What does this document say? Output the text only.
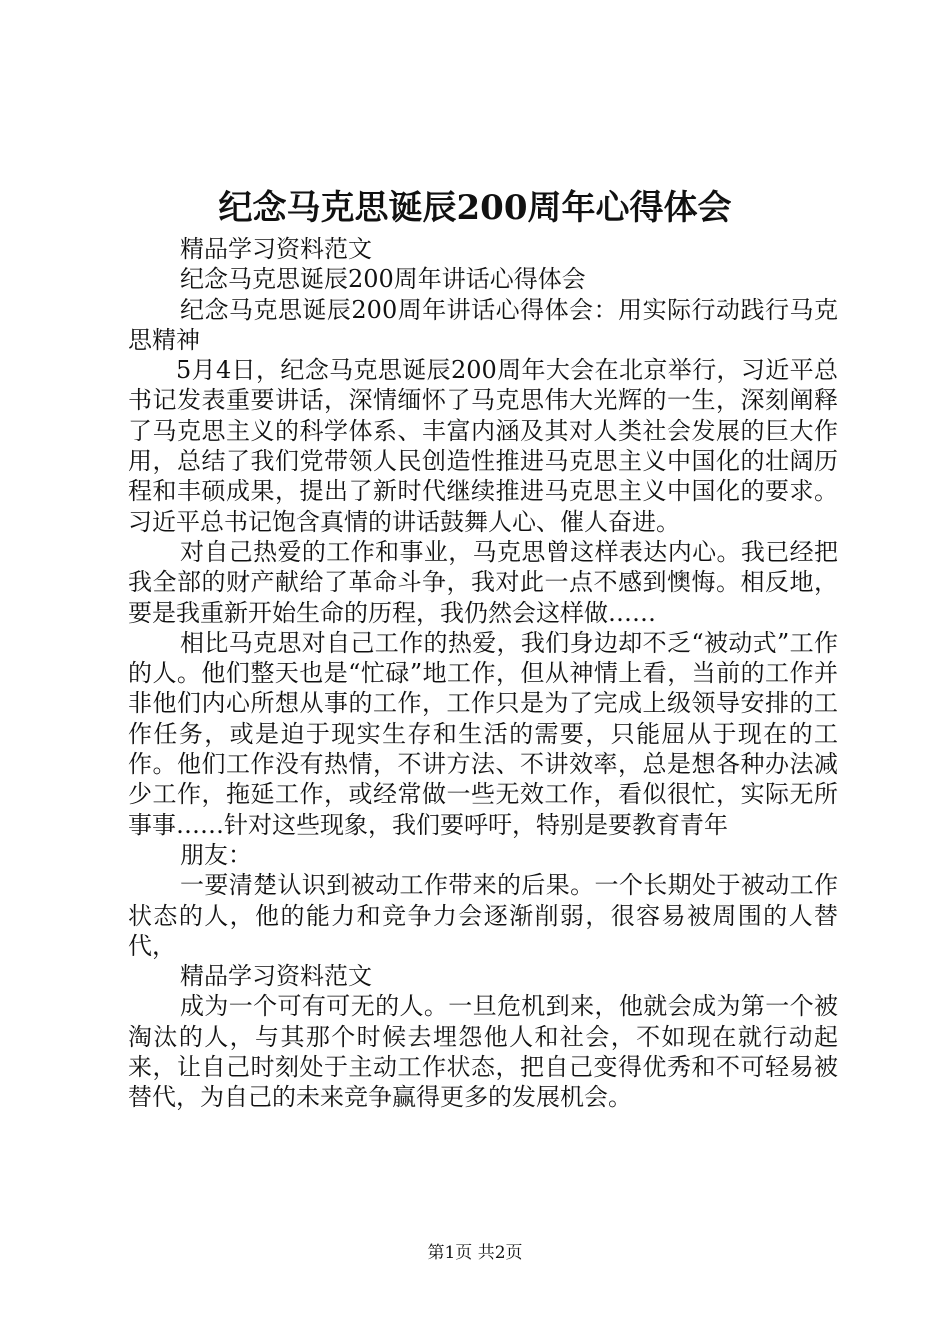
纪念马克思诞辰200周年心得体会

精品学习资料范文

纪念马克思诞辰200周年讲话心得体会

纪念马克思诞辰200周年讲话心得体会：用实际行动践行马克思精神

5月4日，纪念马克思诞辰200周年大会在北京举行，习近平总书记发表重要讲话，深情缅怀了马克思伟大光辉的一生，深刻阐释了马克思主义的科学体系、丰富内涵及其对人类社会发展的巨大作用，总结了我们党带领人民创造性推进马克思主义中国化的壮阔历程和丰硕成果，提出了新时代继续推进马克思主义中国化的要求。习近平总书记饱含真情的讲话鼓舞人心、催人奋进。

对自己热爱的工作和事业，马克思曾这样表达内心。我已经把我全部的财产献给了革命斗争，我对此一点不感到懊悔。相反地，要是我重新开始生命的历程，我仍然会这样做……

相比马克思对自己工作的热爱，我们身边却不乏“被动式”工作的人。他们整天也是“忙碌”地工作，但从神情上看，当前的工作并非他们内心所想从事的工作，工作只是为了完成上级领导安排的工作任务，或是迫于现实生存和生活的需要，只能屈从于现在的工作。他们工作没有热情，不讲方法、不讲效率，总是想各种办法减少工作，拖延工作，或经常做一些无效工作，看似很忙，实际无所事事……针对这些现象，我们要呼吁，特别是要教育青年

朋友：

一要清楚认识到被动工作带来的后果。一个长期处于被动工作状态的人，他的能力和竞争力会逐渐削弱，很容易被周围的人替代，

精品学习资料范文

成为一个可有可无的人。一旦危机到来，他就会成为第一个被淘汰的人，与其那个时候去埋怨他人和社会，不如现在就行动起来，让自己时刻处于主动工作状态，把自己变得优秀和不可轻易被替代，为自己的未来竞争赢得更多的发展机会。

第1页 共2页
